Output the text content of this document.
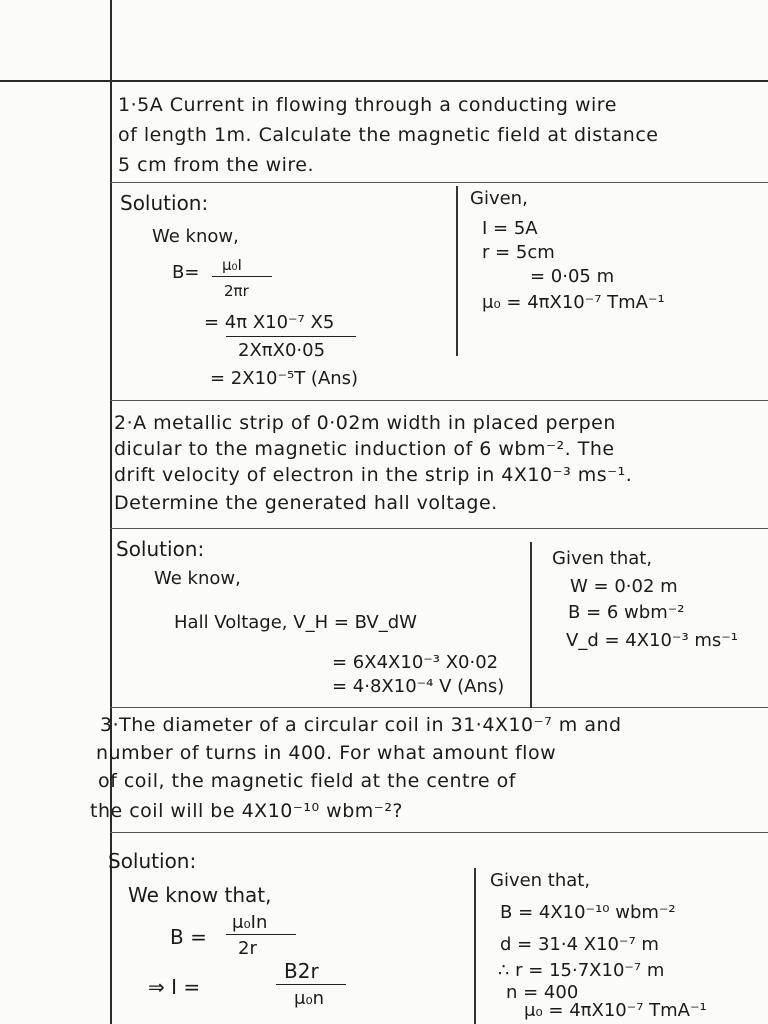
1·5A Current in flowing through a conducting wire
of length 1m. Calculate the magnetic field at distance
5 cm from the wire.
Solution:
We know,
B= μ₀I
2πr
= 4π X10⁻⁷ X5
2XπX0·05
= 2X10⁻⁵T (Ans)
Given,
I = 5A
r = 5cm
= 0·05 m
μ₀ = 4πX10⁻⁷ TmA⁻¹
2·A metallic strip of 0·02m width in placed perpen
dicular to the magnetic induction of 6 wbm⁻². The
drift velocity of electron in the strip in 4X10⁻³ ms⁻¹.
Determine the generated hall voltage.
Solution:
We know,
Hall Voltage, V_H = BV_dW
= 6X4X10⁻³ X0·02
= 4·8X10⁻⁴ V (Ans)
Given that,
W = 0·02 m
B = 6 wbm⁻²
V_d = 4X10⁻³ ms⁻¹
3·The diameter of a circular coil in 31·4X10⁻⁷ m and
number of turns in 400. For what amount flow
of coil, the magnetic field at the centre of
the coil will be 4X10⁻¹⁰ wbm⁻²?
Solution:
We know that,
B =
μ₀In
2r
⇒ I =
B2r
μ₀n
Given that,
B = 4X10⁻¹⁰ wbm⁻²
d = 31·4 X10⁻⁷ m
∴ r = 15·7X10⁻⁷ m
n = 400
μ₀ = 4πX10⁻⁷ TmA⁻¹
